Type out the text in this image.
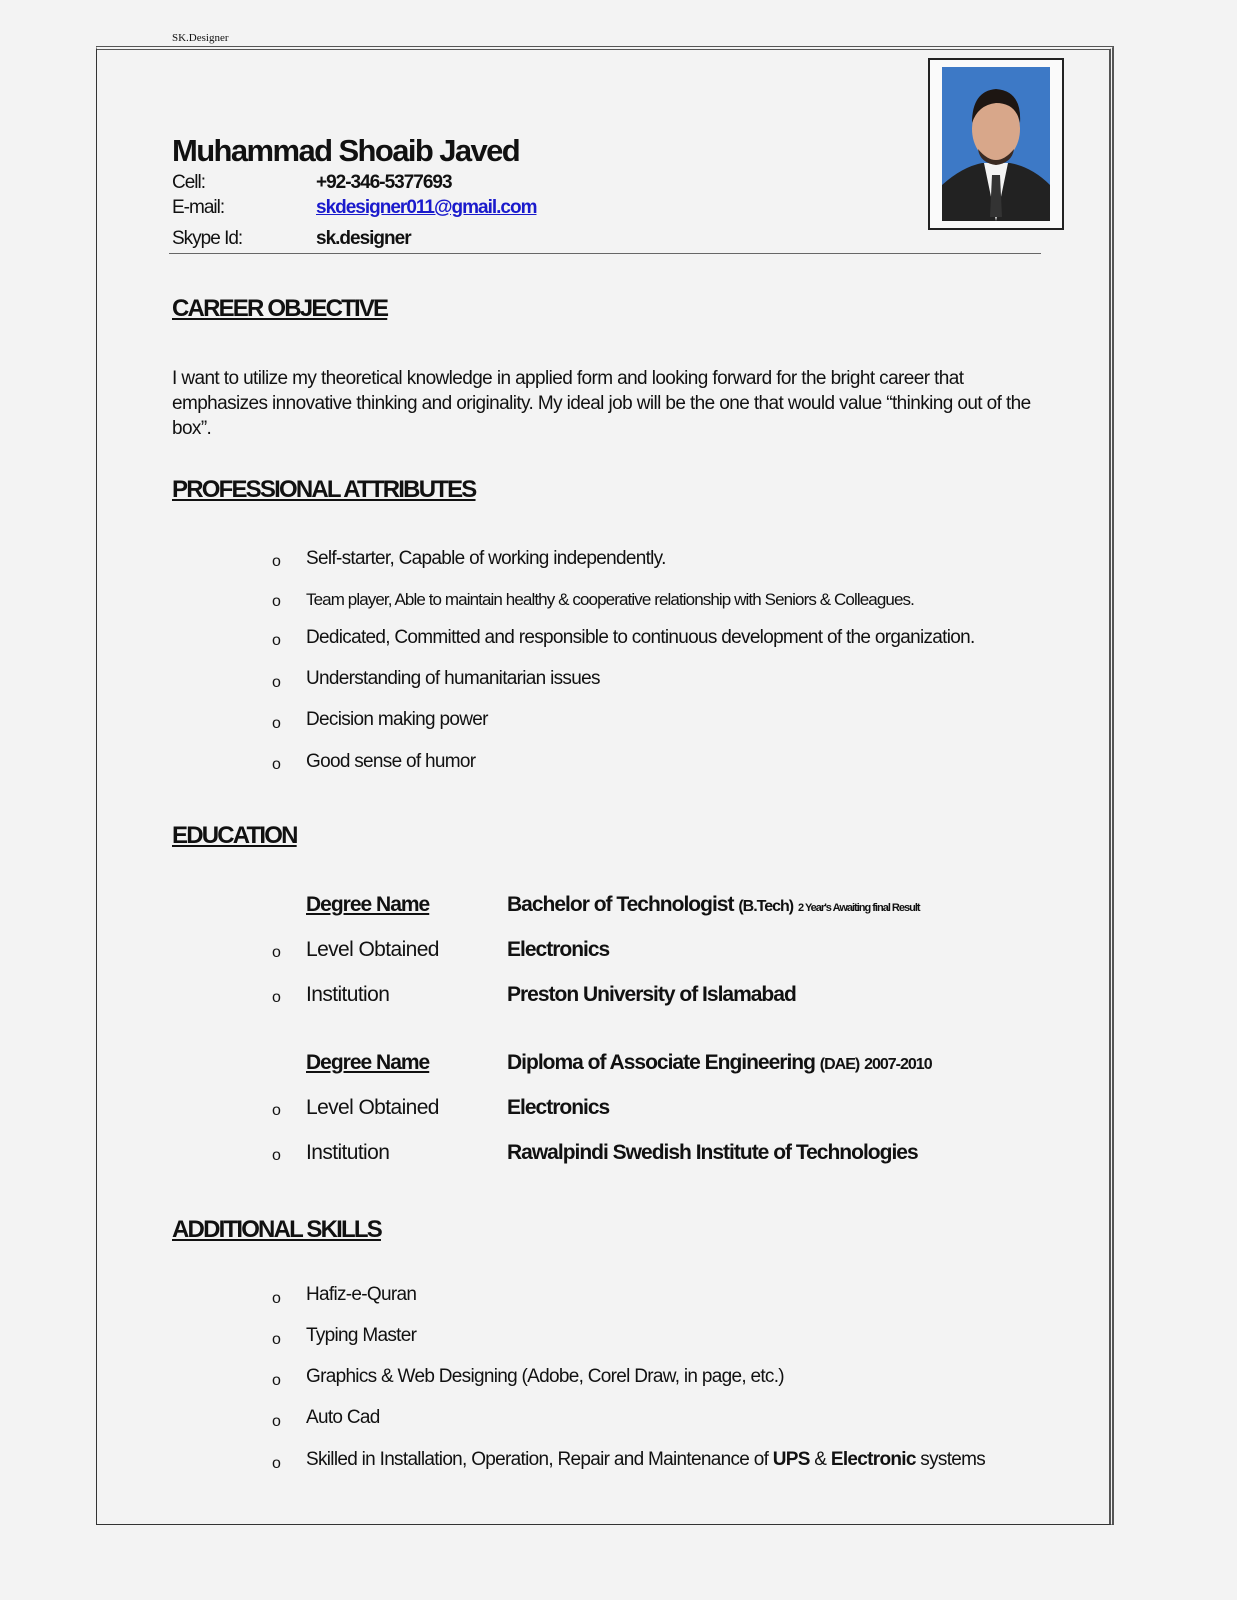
SK.Designer
Muhammad Shoaib Javed
Cell:	+92-346-5377693
E-mail:	skdesigner011@gmail.com
Skype Id:	sk.designer
CAREER OBJECTIVE
I want to utilize my theoretical knowledge in applied form and looking forward for the bright career that emphasizes innovative thinking and originality. My ideal job will be the one that would value “thinking out of the box”.
PROFESSIONAL ATTRIBUTES
o Self-starter, Capable of working independently.
o Team player, Able to maintain healthy & cooperative relationship with Seniors & Colleagues.
o Dedicated, Committed and responsible to continuous development of the organization.
o Understanding of humanitarian issues
o Decision making power
o Good sense of humor
EDUCATION
Degree Name	Bachelor of Technologist (B.Tech) 2 Year's Awaiting final Result
o Level Obtained	Electronics
o Institution	Preston University of Islamabad
Degree Name	Diploma of Associate Engineering (DAE) 2007-2010
o Level Obtained	Electronics
o Institution	Rawalpindi Swedish Institute of Technologies
ADDITIONAL SKILLS
o Hafiz-e-Quran
o Typing Master
o Graphics & Web Designing (Adobe, Corel Draw, in page, etc.)
o Auto Cad
o Skilled in Installation, Operation, Repair and Maintenance of UPS & Electronic systems
